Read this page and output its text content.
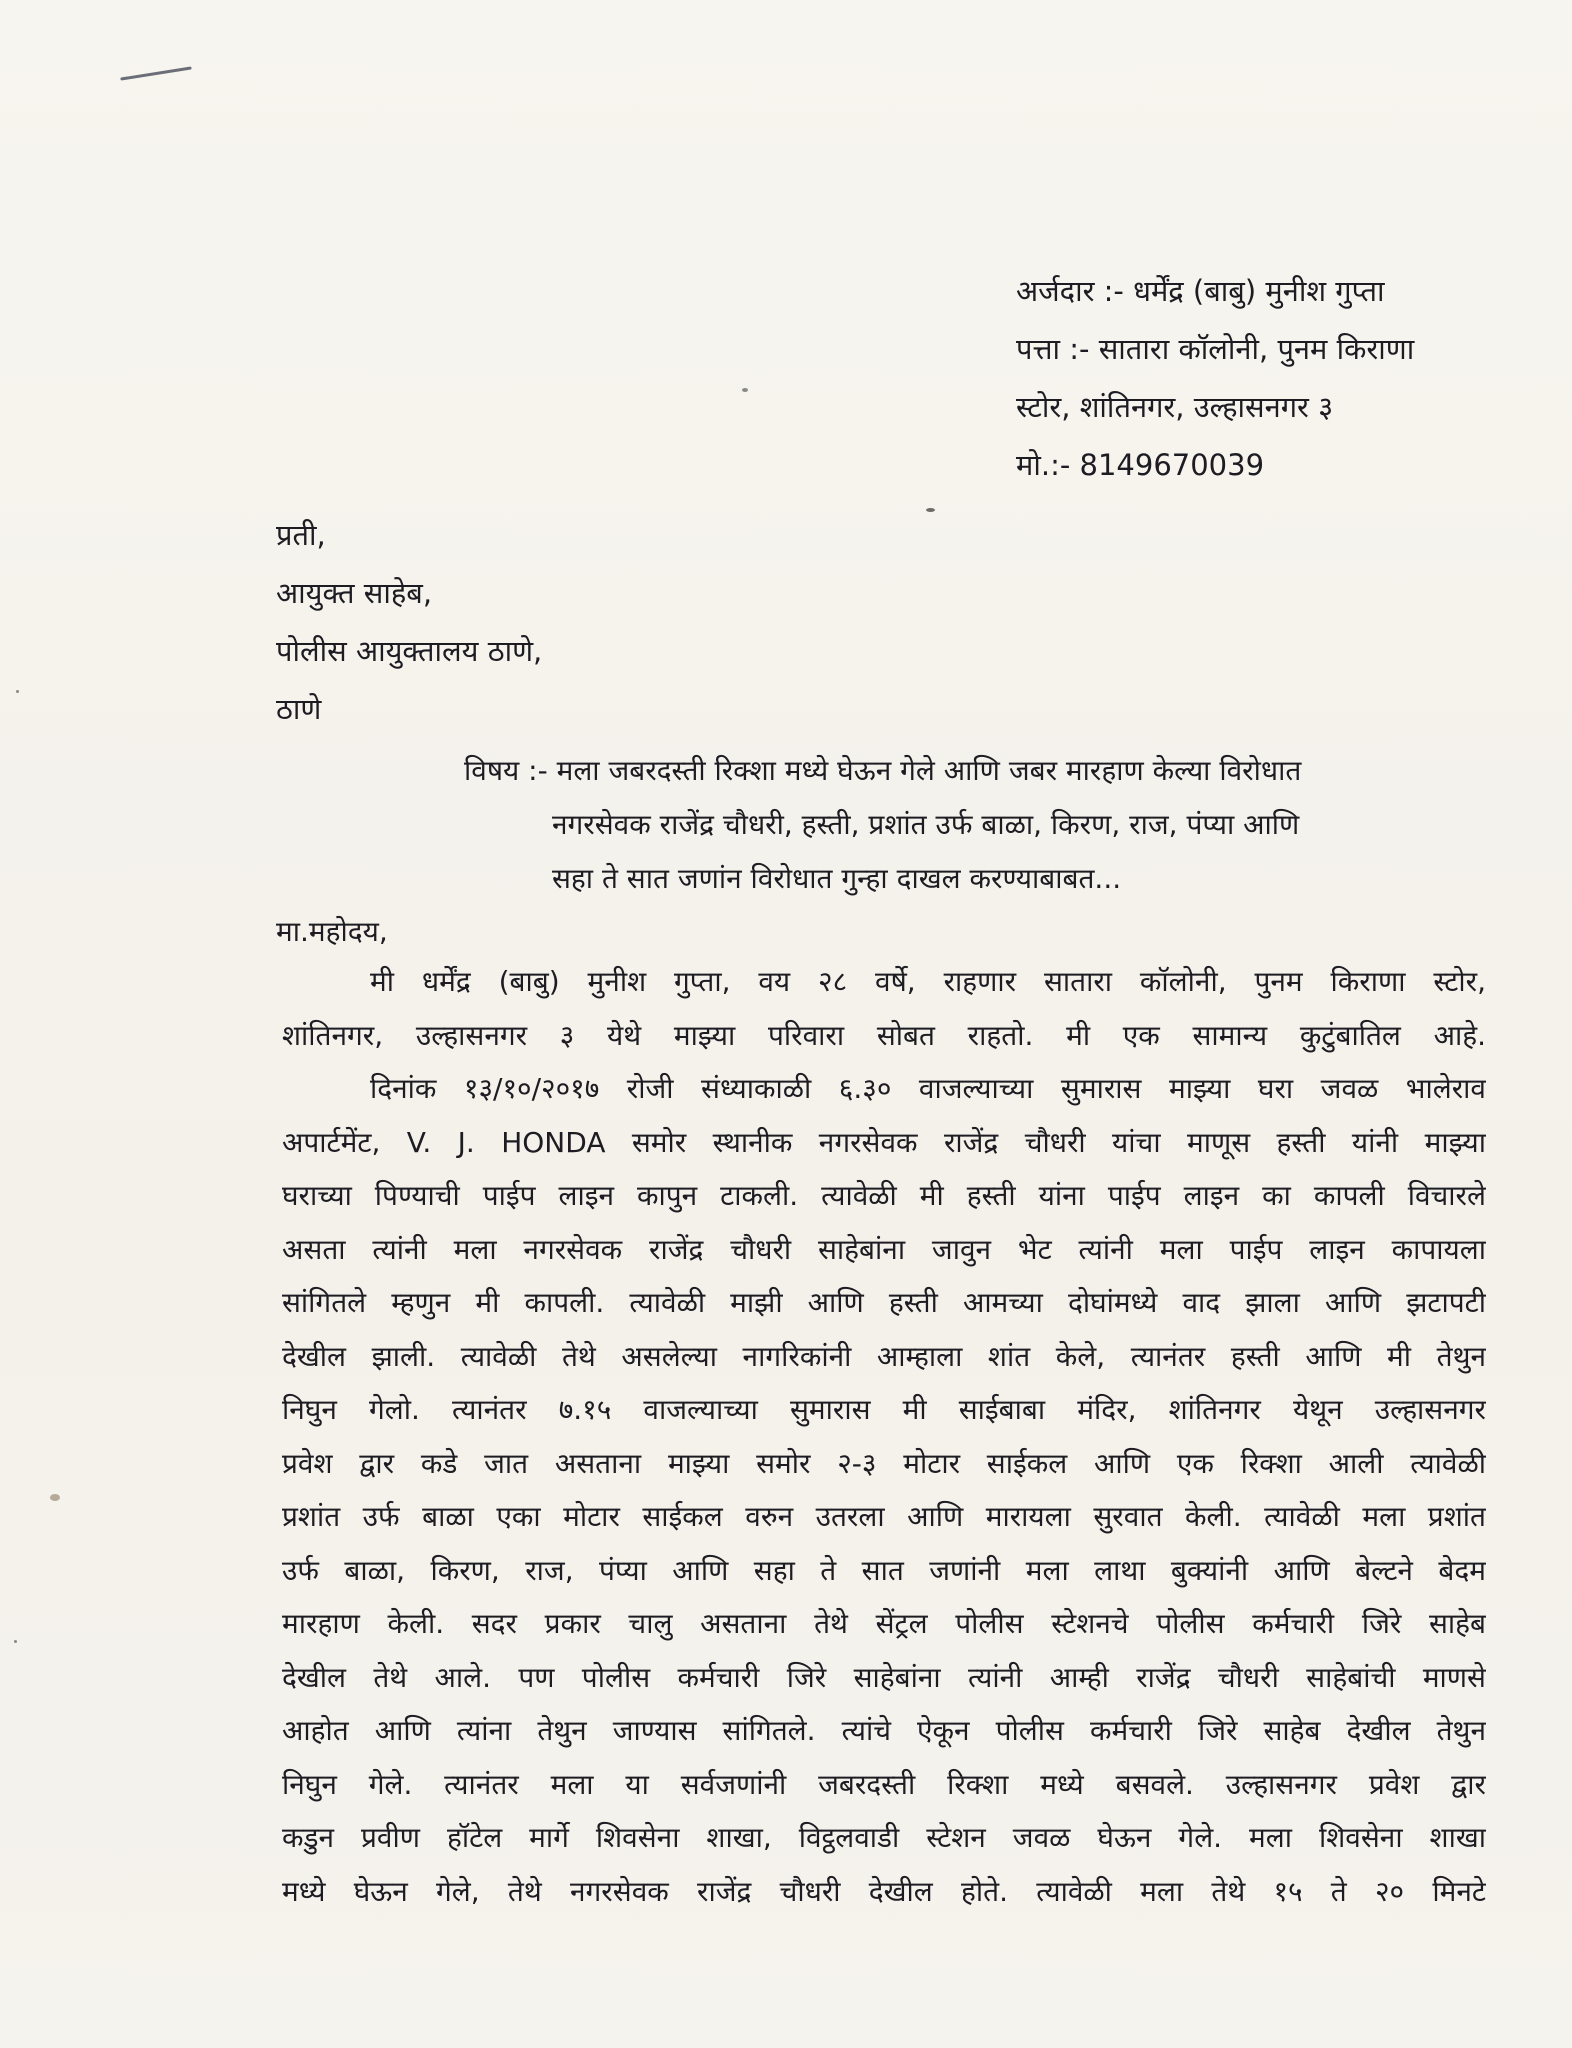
अर्जदार :- धर्मेंद्र (बाबु) मुनीश गुप्ता
पत्ता :- सातारा कॉलोनी, पुनम किराणा
स्टोर, शांतिनगर, उल्हासनगर ३
मो.:- 8149670039
प्रती,
आयुक्त साहेब,
पोलीस आयुक्तालय ठाणे,
ठाणे
विषय :- मला जबरदस्ती रिक्शा मध्ये घेऊन गेले आणि जबर मारहाण केल्या विरोधात
नगरसेवक राजेंद्र चौधरी, हस्ती, प्रशांत उर्फ बाळा, किरण, राज, पंप्या आणि
सहा ते सात जणांन विरोधात गुन्हा दाखल करण्याबाबत...
मा.महोदय,
मी धर्मेंद्र (बाबु) मुनीश गुप्ता, वय २८ वर्षे, राहणार सातारा कॉलोनी, पुनम किराणा स्टोर,
शांतिनगर, उल्हासनगर ३ येथे माझ्या परिवारा सोबत राहतो. मी एक सामान्य कुटुंबातिल आहे.
दिनांक १३/१०/२०१७ रोजी संध्याकाळी ६.३० वाजल्याच्या सुमारास माझ्या घरा जवळ भालेराव
अपार्टमेंट, V. J. HONDA समोर स्थानीक नगरसेवक राजेंद्र चौधरी यांचा माणूस हस्ती यांनी माझ्या
घराच्या पिण्याची पाईप लाइन कापुन टाकली. त्यावेळी मी हस्ती यांना पाईप लाइन का कापली विचारले
असता त्यांनी मला नगरसेवक राजेंद्र चौधरी साहेबांना जावुन भेट त्यांनी मला पाईप लाइन कापायला
सांगितले म्हणुन मी कापली. त्यावेळी माझी आणि हस्ती आमच्या दोघांमध्ये वाद झाला आणि झटापटी
देखील झाली. त्यावेळी तेथे असलेल्या नागरिकांनी आम्हाला शांत केले, त्यानंतर हस्ती आणि मी तेथुन
निघुन गेलो. त्यानंतर ७.१५ वाजल्याच्या सुमारास मी साईबाबा मंदिर, शांतिनगर येथून उल्हासनगर
प्रवेश द्वार कडे जात असताना माझ्या समोर २-३ मोटार साईकल आणि एक रिक्शा आली त्यावेळी
प्रशांत उर्फ बाळा एका मोटार साईकल वरुन उतरला आणि मारायला सुरवात केली. त्यावेळी मला प्रशांत
उर्फ बाळा, किरण, राज, पंप्या आणि सहा ते सात जणांनी मला लाथा बुक्यांनी आणि बेल्टने बेदम
मारहाण केली. सदर प्रकार चालु असताना तेथे सेंट्रल पोलीस स्टेशनचे पोलीस कर्मचारी जिरे साहेब
देखील तेथे आले. पण पोलीस कर्मचारी जिरे साहेबांना त्यांनी आम्ही राजेंद्र चौधरी साहेबांची माणसे
आहोत आणि त्यांना तेथुन जाण्यास सांगितले. त्यांचे ऐकून पोलीस कर्मचारी जिरे साहेब देखील तेथुन
निघुन गेले. त्यानंतर मला या सर्वजणांनी जबरदस्ती रिक्शा मध्ये बसवले. उल्हासनगर प्रवेश द्वार
कडुन प्रवीण हॉटेल मार्गे शिवसेना शाखा, विट्ठलवाडी स्टेशन जवळ घेऊन गेले. मला शिवसेना शाखा
मध्ये घेऊन गेले, तेथे नगरसेवक राजेंद्र चौधरी देखील होते. त्यावेळी मला तेथे १५ ते २० मिनटे
